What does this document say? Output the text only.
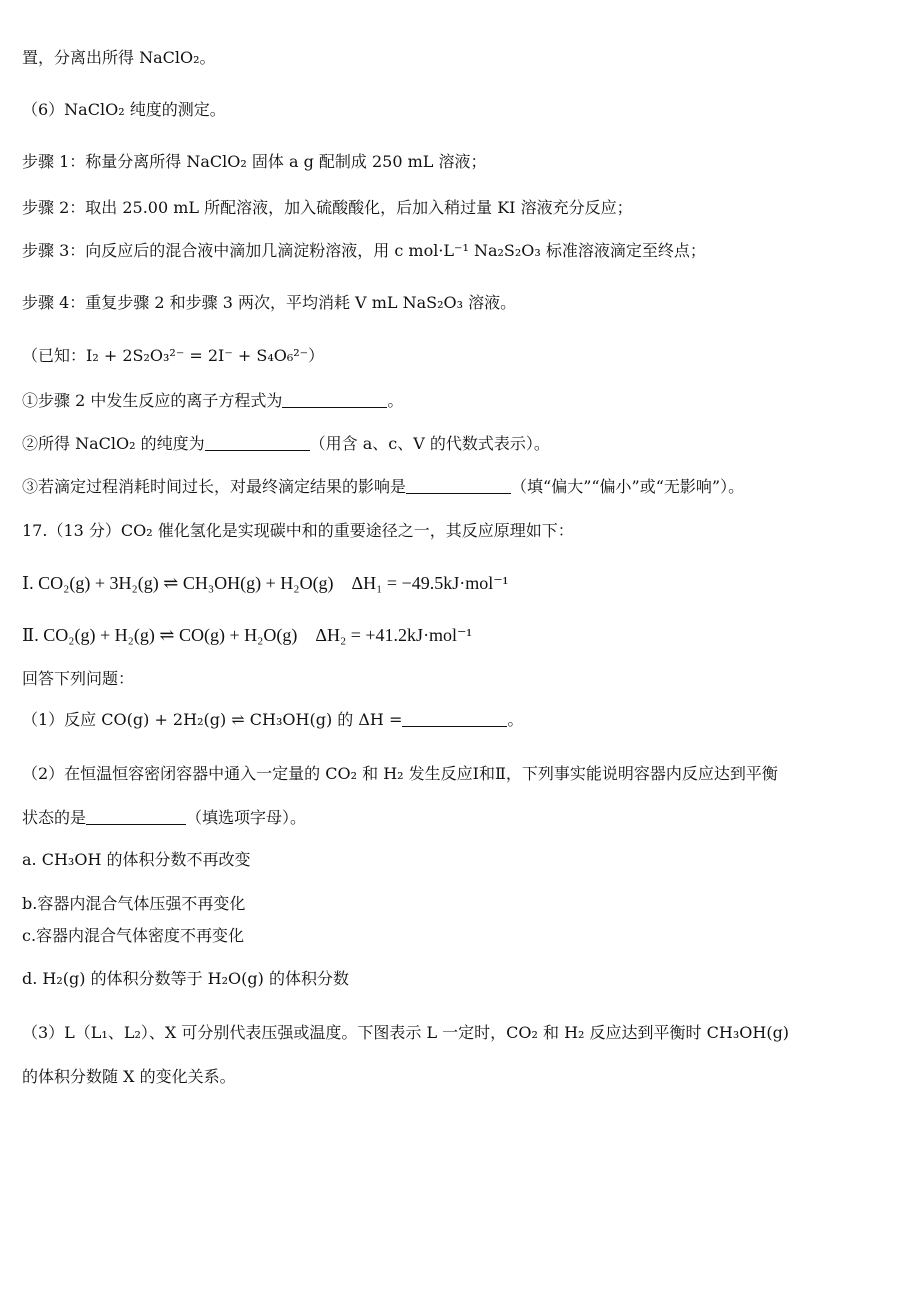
置，分离出所得 NaClO₂。
（6）NaClO₂ 纯度的测定。
步骤 1：称量分离所得 NaClO₂ 固体 a g 配制成 250 mL 溶液；
步骤 2：取出 25.00 mL 所配溶液，加入硫酸酸化，后加入稍过量 KI 溶液充分反应；
步骤 3：向反应后的混合液中滴加几滴淀粉溶液，用 c mol·L⁻¹ Na₂S₂O₃ 标准溶液滴定至终点；
步骤 4：重复步骤 2 和步骤 3 两次，平均消耗 V mL NaS₂O₃ 溶液。
（已知：I₂ + 2S₂O₃²⁻ = 2I⁻ + S₄O₆²⁻）
①步骤 2 中发生反应的离子方程式为	。
②所得 NaClO₂ 的纯度为	（用含 a、c、V 的代数式表示）。
③若滴定过程消耗时间过长，对最终滴定结果的影响是	（填“偏大”“偏小”或“无影响”）。
17.（13 分）CO₂ 催化氢化是实现碳中和的重要途径之一，其反应原理如下：
Ⅰ. CO₂(g) + 3H₂(g) ⇌ CH₃OH(g) + H₂O(g)    ΔH₁ = −49.5kJ·mol⁻¹
Ⅱ. CO₂(g) + H₂(g) ⇌ CO(g) + H₂O(g)    ΔH₂ = +41.2kJ·mol⁻¹
回答下列问题：
（1）反应 CO(g) + 2H₂(g) ⇌ CH₃OH(g) 的 ΔH =	。
（2）在恒温恒容密闭容器中通入一定量的 CO₂ 和 H₂ 发生反应Ⅰ和Ⅱ，下列事实能说明容器内反应达到平衡
状态的是	（填选项字母）。
a. CH₃OH 的体积分数不再改变
b.容器内混合气体压强不再变化
c.容器内混合气体密度不再变化
d. H₂(g) 的体积分数等于 H₂O(g) 的体积分数
（3）L（L₁、L₂）、X 可分别代表压强或温度。下图表示 L 一定时，CO₂ 和 H₂ 反应达到平衡时 CH₃OH(g)
的体积分数随 X 的变化关系。
